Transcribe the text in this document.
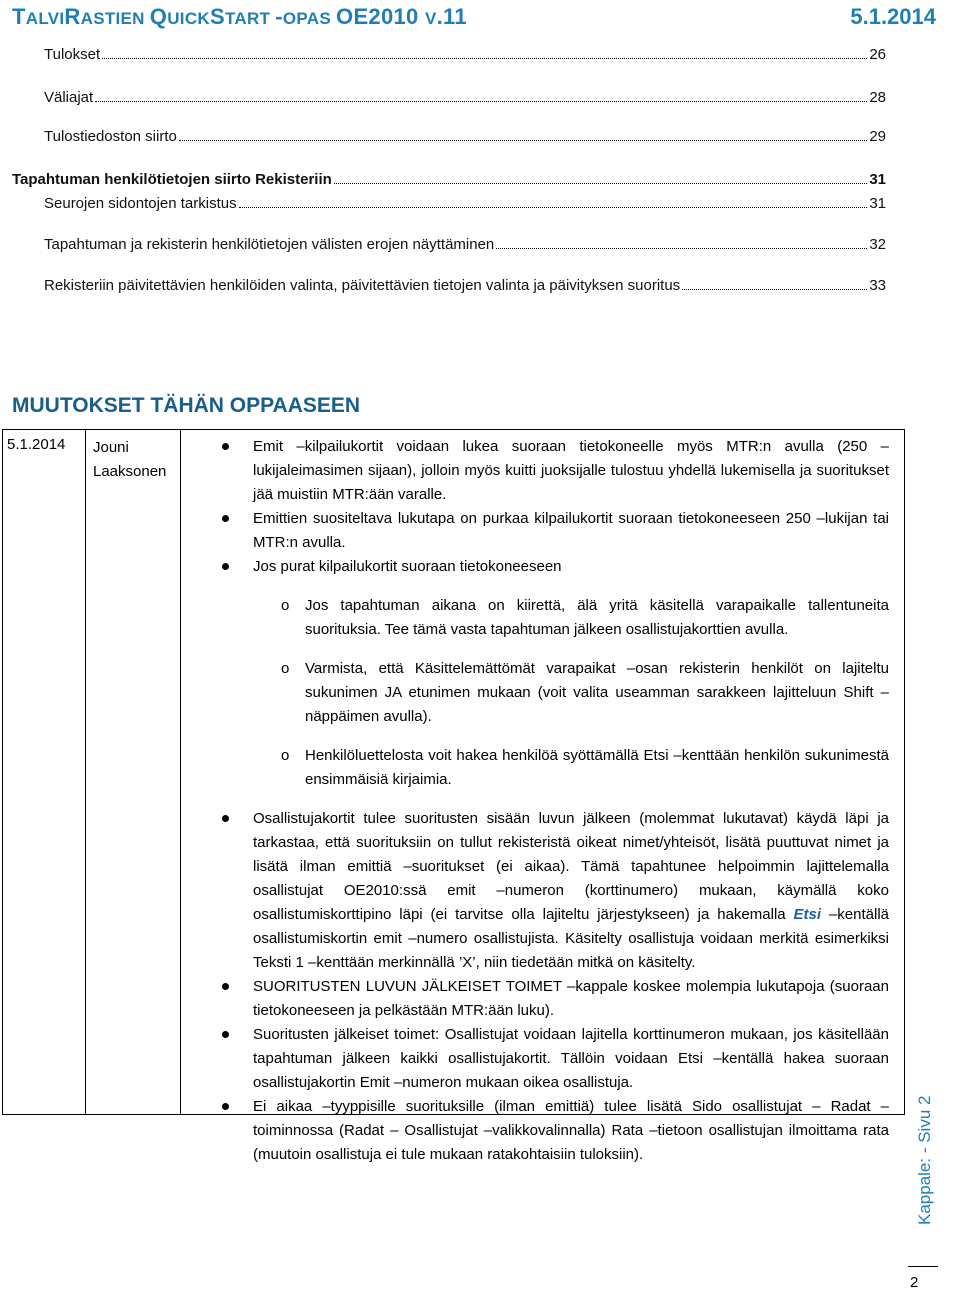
TALVIRASTIEN QUICKSTART -OPAS OE2010 V.11	5.1.2014
Tulokset	26
Väliajat	28
Tulostiedoston siirto	29
Tapahtuman henkilötietojen siirto Rekisteriin	31
Seurojen sidontojen tarkistus	31
Tapahtuman ja rekisterin henkilötietojen välisten erojen näyttäminen	32
Rekisteriin päivitettävien henkilöiden valinta, päivitettävien tietojen valinta ja päivityksen suoritus	33
MUUTOKSET TÄHÄN OPPAASEEN
5.1.2014 Jouni Laaksonen

Emit –kilpailukortit voidaan lukea suoraan tietokoneelle myös MTR:n avulla (250 –lukijaleimasimen sijaan), jolloin myös kuitti juoksijalle tulostuu yhdellä lukemisella ja suoritukset jää muistiin MTR:ään varalle.

Emittien suositeltava lukutapa on purkaa kilpailukortit suoraan tietokoneeseen 250 –lukijan tai MTR:n avulla.

Jos purat kilpailukortit suoraan tietokoneeseen

o Jos tapahtuman aikana on kiirettä, älä yritä käsitellä varapaikalle tallentuneita suorituksia. Tee tämä vasta tapahtuman jälkeen osallistujakorttien avulla.

o Varmista, että Käsittelemättömät varapaikat –osan rekisterin henkilöt on lajiteltu sukunimen JA etunimen mukaan (voit valita useamman sarakkeen lajitteluun Shift –näppäimen avulla).

o Henkilöluettelosta voit hakea henkilöä syöttämällä Etsi –kenttään henkilön sukunimestä ensimmäisiä kirjaimia.

Osallistujakortit tulee suoritusten sisään luvun jälkeen (molemmat lukutavat) käydä läpi ja tarkastaa, että suorituksiin on tullut rekisteristä oikeat nimet/yhteisöt, lisätä puuttuvat nimet ja lisätä ilman emittiä –suoritukset (ei aikaa). Tämä tapahtunee helpoimmin lajittelemalla osallistujat OE2010:ssä emit –numeron (korttinumero) mukaan, käymällä koko osallistumiskorttipino läpi (ei tarvitse olla lajiteltu järjestykseen) ja hakemalla Etsi –kentällä osallistumiskortin emit –numero osallistujista. Käsitelty osallistuja voidaan merkitä esimerkiksi Teksti 1 –kenttään merkinnällä ’X’, niin tiedetään mitkä on käsitelty.

SUORITUSTEN LUVUN JÄLKEISET TOIMET –kappale koskee molempia lukutapoja (suoraan tietokoneeseen ja pelkästään MTR:ään luku).

Suoritusten jälkeiset toimet: Osallistujat voidaan lajitella korttinumeron mukaan, jos käsitellään tapahtuman jälkeen kaikki osallistujakortit. Tällöin voidaan Etsi –kentällä hakea suoraan osallistujakortin Emit –numeron mukaan oikea osallistuja.

Ei aikaa –tyyppisille suorituksille (ilman emittiä) tulee lisätä Sido osallistujat – Radat –toiminnossa (Radat – Osallistujat –valikkovalinnalla) Rata –tietoon osallistujan ilmoittama rata (muutoin osallistuja ei tule mukaan ratakohtaisiin tuloksiin).	Kappale: - Sivu 2
2
